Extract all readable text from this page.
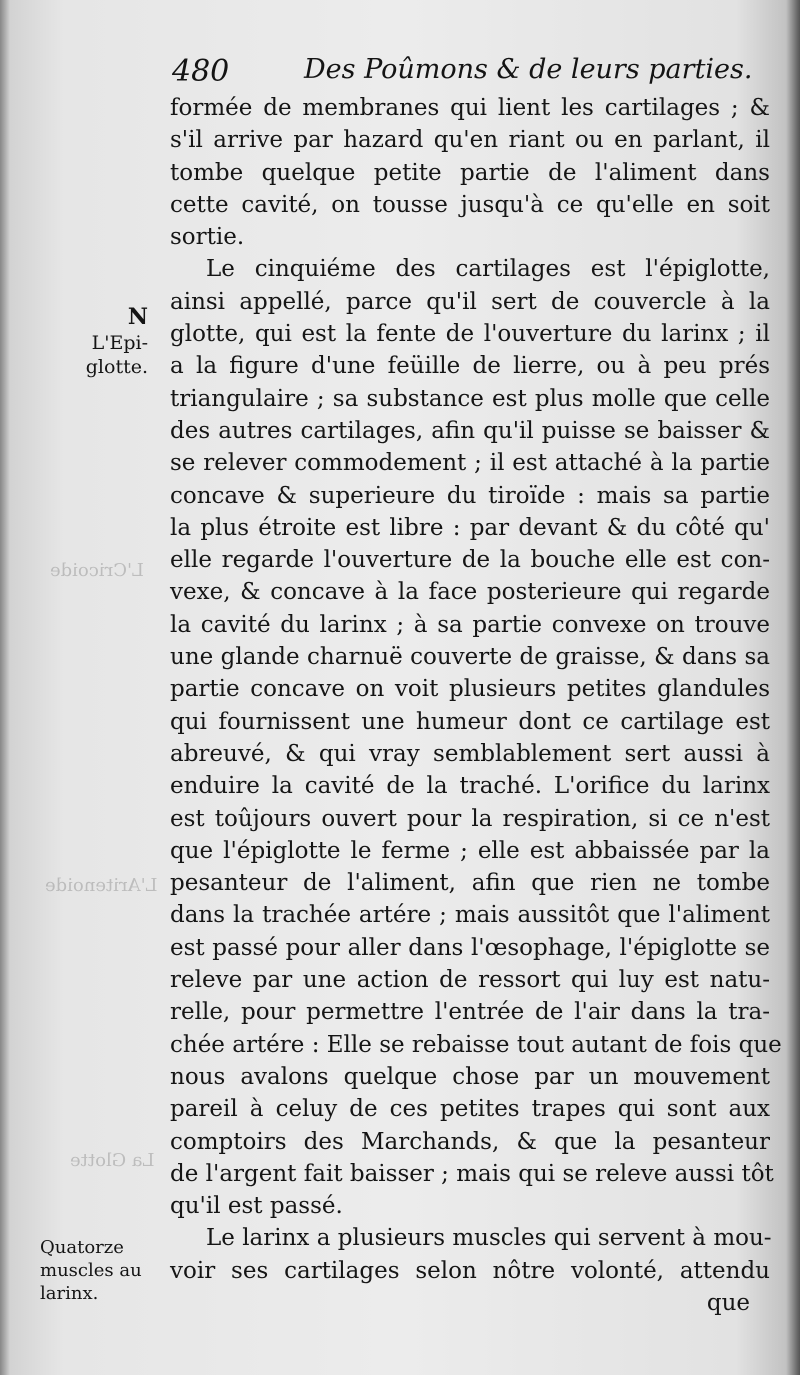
L'Cricoide
L'Aritenoide
La Glotte
480	Des Poûmons & de leurs parties.
N
L'Epi-glotte.
Quatorze muscles au larinx.
formée de membranes qui lient les cartilages ; &
s'il arrive par hazard qu'en riant ou en parlant, il
tombe quelque petite partie de l'aliment dans
cette cavité, on tousse jusqu'à ce qu'elle en soit
sortie.
Le cinquiéme des cartilages est l'épiglotte,
ainsi appellé, parce qu'il sert de couvercle à la
glotte, qui est la fente de l'ouverture du larinx ; il
a la figure d'une feüille de lierre, ou à peu prés
triangulaire ; sa substance est plus molle que celle
des autres cartilages, afin qu'il puisse se baisser &
se relever commodement ; il est attaché à la partie
concave & superieure du tiroïde : mais sa partie
la plus étroite est libre : par devant & du côté qu'
elle regarde l'ouverture de la bouche elle est con-
vexe, & concave à la face posterieure qui regarde
la cavité du larinx ; à sa partie convexe on trouve
une glande charnuë couverte de graisse, & dans sa
partie concave on voit plusieurs petites glandules
qui fournissent une humeur dont ce cartilage est
abreuvé, & qui vray semblablement sert aussi à
enduire la cavité de la traché. L'orifice du larinx
est toûjours ouvert pour la respiration, si ce n'est
que l'épiglotte le ferme ; elle est abbaissée par la
pesanteur de l'aliment, afin que rien ne tombe
dans la trachée artére ; mais aussitôt que l'aliment
est passé pour aller dans l'œsophage, l'épiglotte se
releve par une action de ressort qui luy est natu-
relle, pour permettre l'entrée de l'air dans la tra-
chée artére : Elle se rebaisse tout autant de fois que
nous avalons quelque chose par un mouvement
pareil à celuy de ces petites trapes qui sont aux
comptoirs des Marchands, & que la pesanteur
de l'argent fait baisser ; mais qui se releve aussi tôt
qu'il est passé.
Le larinx a plusieurs muscles qui servent à mou-
voir ses cartilages selon nôtre volonté, attendu
que
